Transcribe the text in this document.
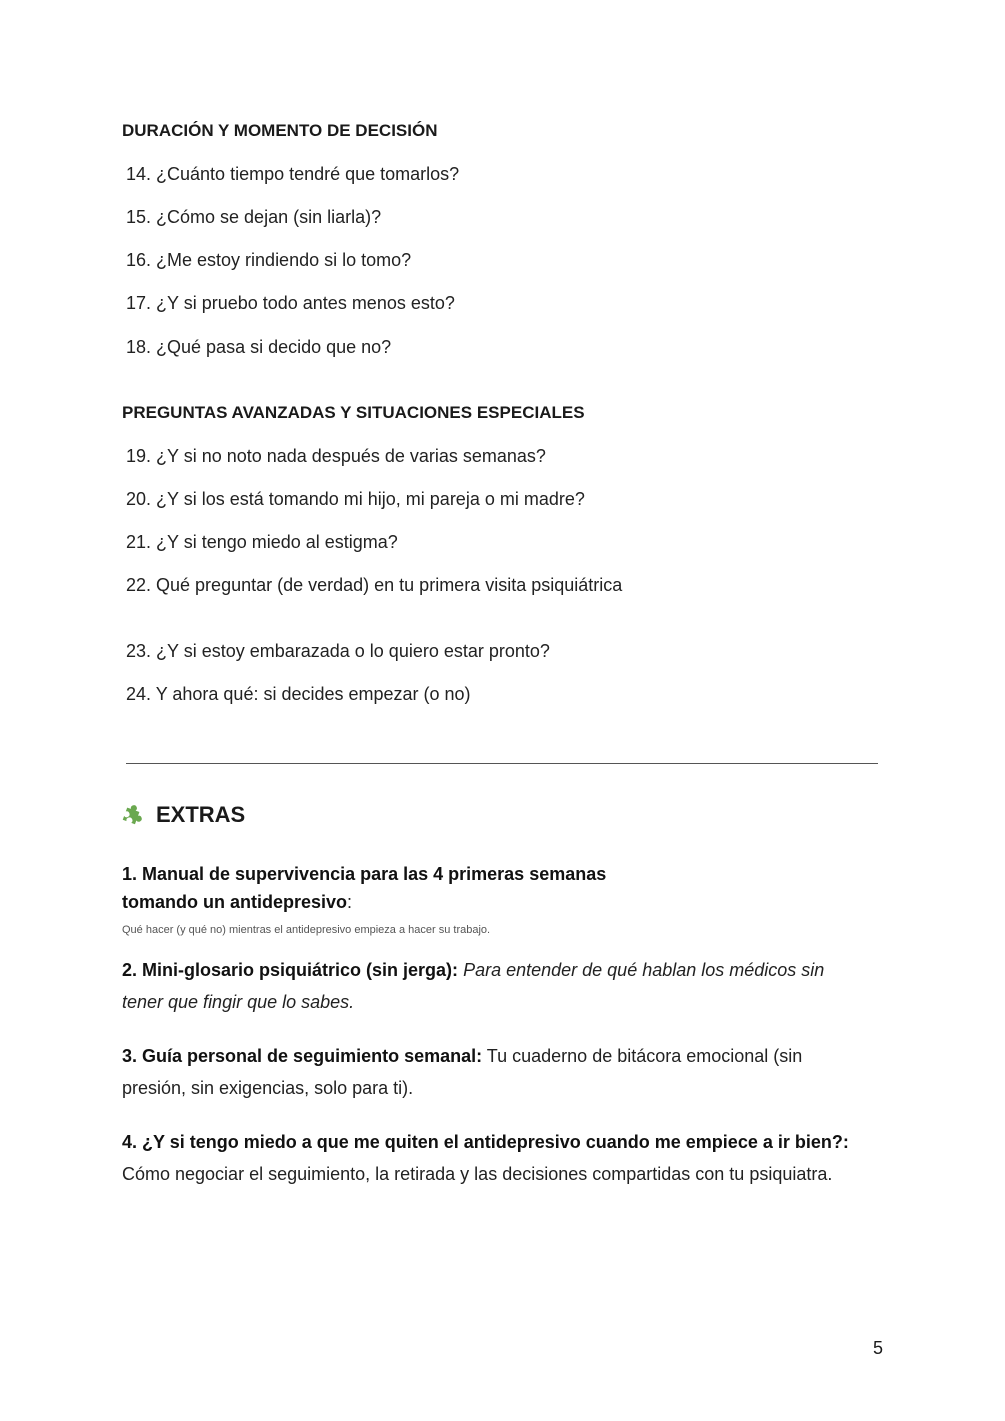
DURACIÓN Y MOMENTO DE DECISIÓN
14. ¿Cuánto tiempo tendré que tomarlos?
15. ¿Cómo se dejan (sin liarla)?
16. ¿Me estoy rindiendo si lo tomo?
17. ¿Y si pruebo todo antes menos esto?
18. ¿Qué pasa si decido que no?
PREGUNTAS AVANZADAS Y SITUACIONES ESPECIALES
19. ¿Y si no noto nada después de varias semanas?
20. ¿Y si los está tomando mi hijo, mi pareja o mi madre?
21. ¿Y si tengo miedo al estigma?
22. Qué preguntar (de verdad) en tu primera visita psiquiátrica
23. ¿Y si estoy embarazada o lo quiero estar pronto?
24. Y ahora qué: si decides empezar (o no)
EXTRAS
1. Manual de supervivencia para las 4 primeras semanas
tomando un antidepresivo:
Qué hacer (y qué no) mientras el antidepresivo empieza a hacer su trabajo.
2. Mini-glosario psiquiátrico (sin jerga): Para entender de qué hablan los médicos sin
tener que fingir que lo sabes.
3. Guía personal de seguimiento semanal: Tu cuaderno de bitácora emocional (sin
presión, sin exigencias, solo para ti).
4. ¿Y si tengo miedo a que me quiten el antidepresivo cuando me empiece a ir bien?:
Cómo negociar el seguimiento, la retirada y las decisiones compartidas con tu psiquiatra.
5
